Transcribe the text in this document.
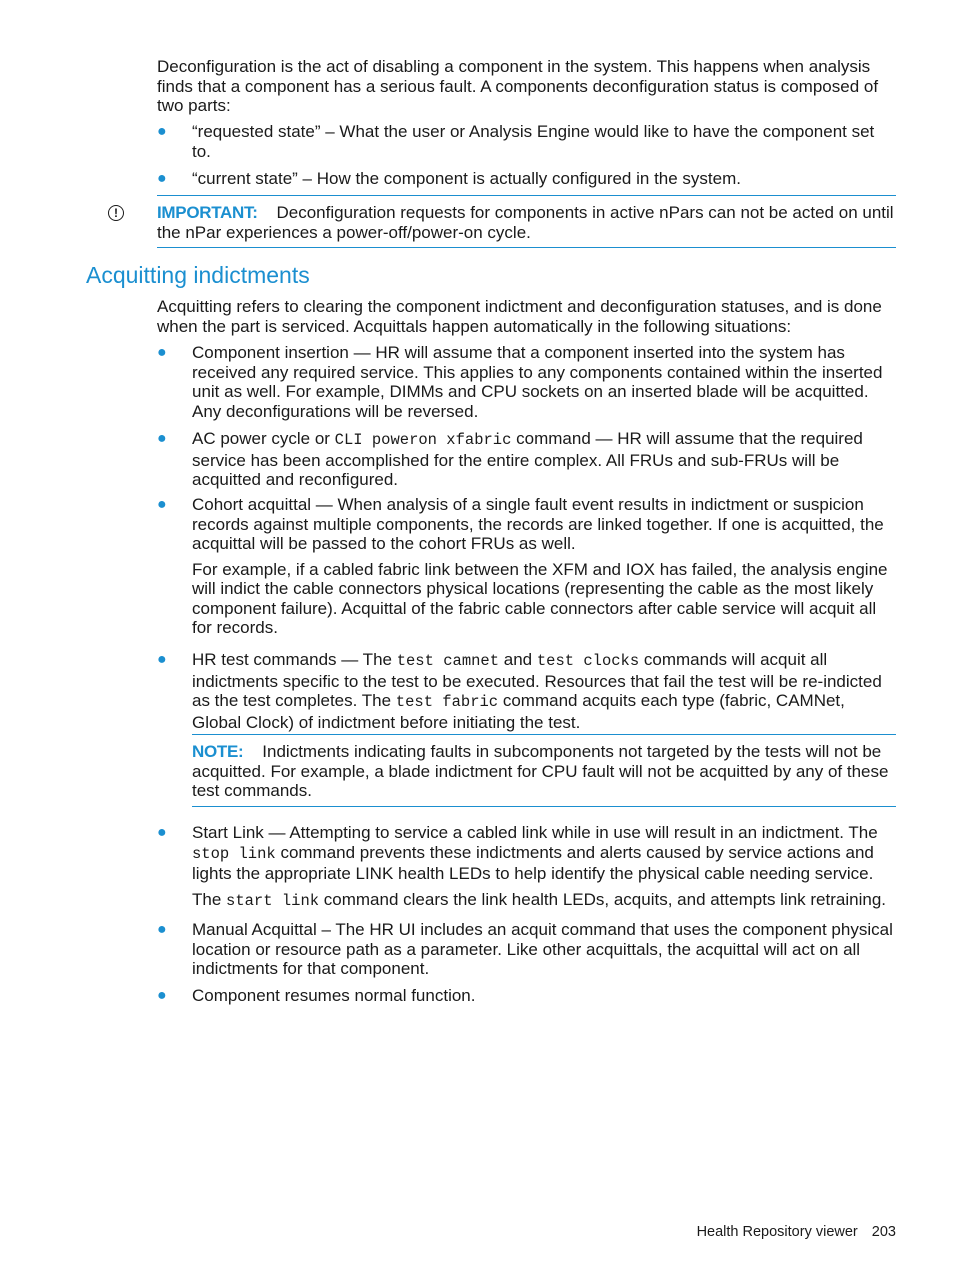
Deconfiguration is the act of disabling a component in the system. This happens when analysis finds that a component has a serious fault. A components deconfiguration status is composed of two parts:

●	“requested state” – What the user or Analysis Engine would like to have the component set to.
●	“current state” – How the component is actually configured in the system.
!	IMPORTANT: Deconfiguration requests for components in active nPars can not be acted on until the nPar experiences a power-off/power-on cycle.
Acquitting indictments

Acquitting refers to clearing the component indictment and deconfiguration statuses, and is done when the part is serviced. Acquittals happen automatically in the following situations:

●	Component insertion — HR will assume that a component inserted into the system has received any required service. This applies to any components contained within the inserted unit as well. For example, DIMMs and CPU sockets on an inserted blade will be acquitted. Any deconfigurations will be reversed.
●	AC power cycle or CLI poweron xfabric command — HR will assume that the required service has been accomplished for the entire complex. All FRUs and sub-FRUs will be acquitted and reconfigured.
●	Cohort acquittal — When analysis of a single fault event results in indictment or suspicion records against multiple components, the records are linked together. If one is acquitted, the acquittal will be passed to the cohort FRUs as well.
For example, if a cabled fabric link between the XFM and IOX has failed, the analysis engine will indict the cable connectors physical locations (representing the cable as the most likely component failure). Acquittal of the fabric cable connectors after cable service will acquit all for records.
●	HR test commands — The test camnet and test clocks commands will acquit all indictments specific to the test to be executed. Resources that fail the test will be re-indicted as the test completes. The test fabric command acquits each type (fabric, CAMNet, Global Clock) of indictment before initiating the test.
NOTE: Indictments indicating faults in subcomponents not targeted by the tests will not be acquitted. For example, a blade indictment for CPU fault will not be acquitted by any of these test commands.
●	Start Link — Attempting to service a cabled link while in use will result in an indictment. The stop link command prevents these indictments and alerts caused by service actions and lights the appropriate LINK health LEDs to help identify the physical cable needing service.
The start link command clears the link health LEDs, acquits, and attempts link retraining.
●	Manual Acquittal – The HR UI includes an acquit command that uses the component physical location or resource path as a parameter. Like other acquittals, the acquittal will act on all indictments for that component.
●	Component resumes normal function.
Health Repository viewer 203
